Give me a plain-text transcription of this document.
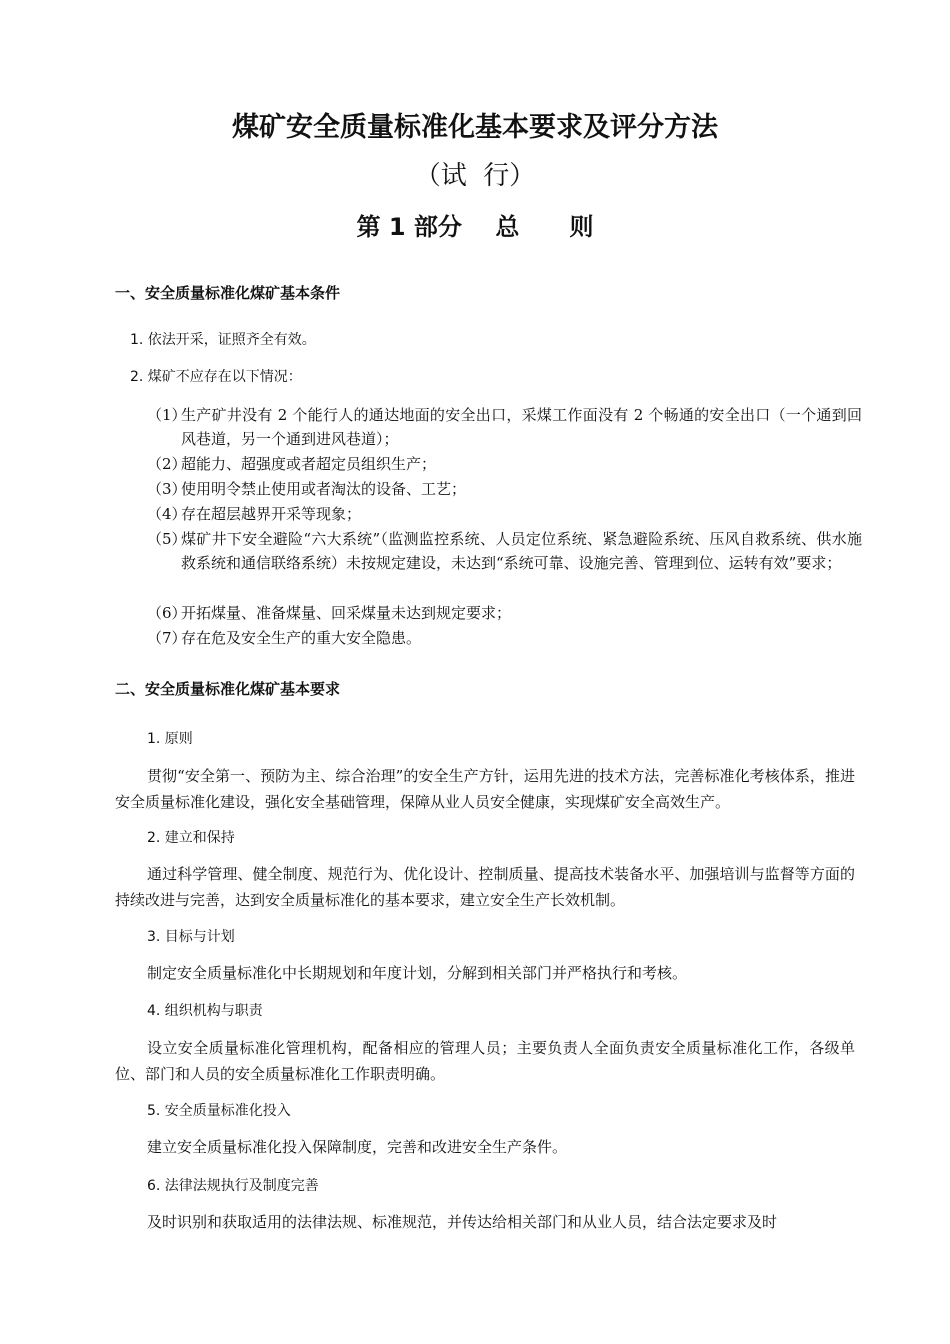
煤矿安全质量标准化基本要求及评分方法
（试  行）
第 1 部分    总      则
一、安全质量标准化煤矿基本条件
1. 依法开采，证照齐全有效。
2. 煤矿不应存在以下情况：
（1）
生产矿井没有 2 个能行人的通达地面的安全出口，采煤工作面没有 2 个畅通的安全出口（一个通到回风巷道，另一个通到进风巷道）；
（2）
超能力、超强度或者超定员组织生产；
（3）
使用明令禁止使用或者淘汰的设备、工艺；
（4）
存在超层越界开采等现象；
（5）
煤矿井下安全避险“六大系统”（监测监控系统、人员定位系统、紧急避险系统、压风自救系统、供水施救系统和通信联络系统）未按规定建设，未达到“系统可靠、设施完善、管理到位、运转有效”要求；
（6）
开拓煤量、准备煤量、回采煤量未达到规定要求；
（7）
存在危及安全生产的重大安全隐患。
二、安全质量标准化煤矿基本要求
1. 原则
贯彻“安全第一、预防为主、综合治理”的安全生产方针，运用先进的技术方法，完善标准化考核体系，推进安全质量标准化建设，强化安全基础管理，保障从业人员安全健康，实现煤矿安全高效生产。
2. 建立和保持
通过科学管理、健全制度、规范行为、优化设计、控制质量、提高技术装备水平、加强培训与监督等方面的持续改进与完善，达到安全质量标准化的基本要求，建立安全生产长效机制。
3. 目标与计划
制定安全质量标准化中长期规划和年度计划，分解到相关部门并严格执行和考核。
4. 组织机构与职责
设立安全质量标准化管理机构，配备相应的管理人员；主要负责人全面负责安全质量标准化工作，各级单位、部门和人员的安全质量标准化工作职责明确。
5. 安全质量标准化投入
建立安全质量标准化投入保障制度，完善和改进安全生产条件。
6. 法律法规执行及制度完善
及时识别和获取适用的法律法规、标准规范，并传达给相关部门和从业人员，结合法定要求及时
